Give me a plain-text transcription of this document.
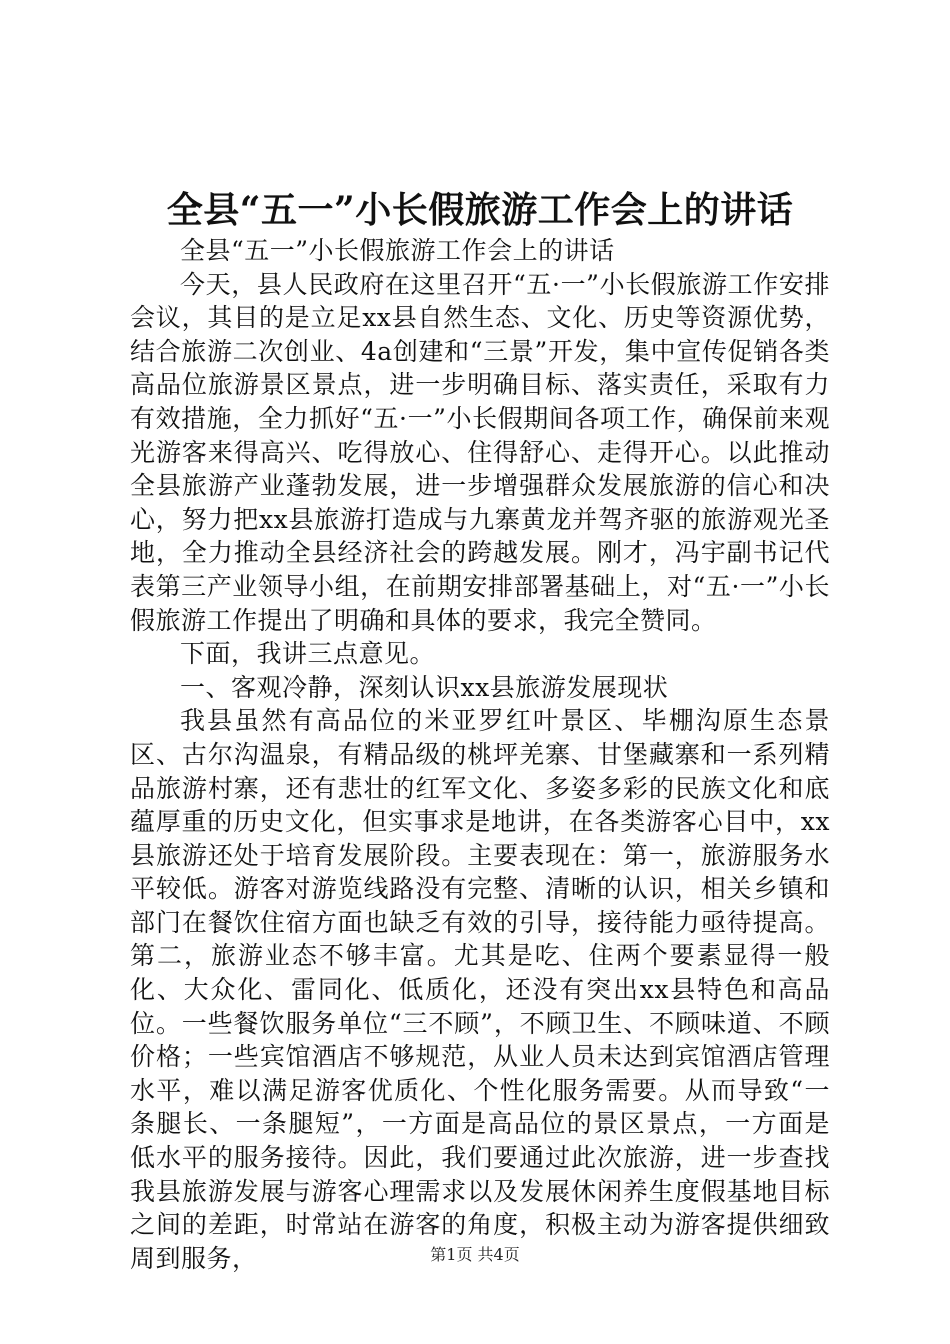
全县“五一”小长假旅游工作会上的讲话

全县“五一”小长假旅游工作会上的讲话

今天，县人民政府在这里召开“五·一”小长假旅游工作安排会议，其目的是立足xx县自然生态、文化、历史等资源优势，结合旅游二次创业、4a创建和“三景”开发，集中宣传促销各类高品位旅游景区景点，进一步明确目标、落实责任，采取有力有效措施，全力抓好“五·一”小长假期间各项工作，确保前来观光游客来得高兴、吃得放心、住得舒心、走得开心。以此推动全县旅游产业蓬勃发展，进一步增强群众发展旅游的信心和决心，努力把xx县旅游打造成与九寨黄龙并驾齐驱的旅游观光圣地，全力推动全县经济社会的跨越发展。刚才，冯宇副书记代表第三产业领导小组，在前期安排部署基础上，对“五·一”小长假旅游工作提出了明确和具体的要求，我完全赞同。

下面，我讲三点意见。

一、客观冷静，深刻认识xx县旅游发展现状

我县虽然有高品位的米亚罗红叶景区、毕棚沟原生态景区、古尔沟温泉，有精品级的桃坪羌寨、甘堡藏寨和一系列精品旅游村寨，还有悲壮的红军文化、多姿多彩的民族文化和底蕴厚重的历史文化，但实事求是地讲，在各类游客心目中，xx县旅游还处于培育发展阶段。主要表现在：第一，旅游服务水平较低。游客对游览线路没有完整、清晰的认识，相关乡镇和部门在餐饮住宿方面也缺乏有效的引导，接待能力亟待提高。第二，旅游业态不够丰富。尤其是吃、住两个要素显得一般化、大众化、雷同化、低质化，还没有突出xx县特色和高品位。一些餐饮服务单位“三不顾”，不顾卫生、不顾味道、不顾价格；一些宾馆酒店不够规范，从业人员未达到宾馆酒店管理水平，难以满足游客优质化、个性化服务需要。从而导致“一条腿长、一条腿短”，一方面是高品位的景区景点，一方面是低水平的服务接待。因此，我们要通过此次旅游，进一步查找我县旅游发展与游客心理需求以及发展休闲养生度假基地目标之间的差距，时常站在游客的角度，积极主动为游客提供细致周到服务，	第1页 共4页
